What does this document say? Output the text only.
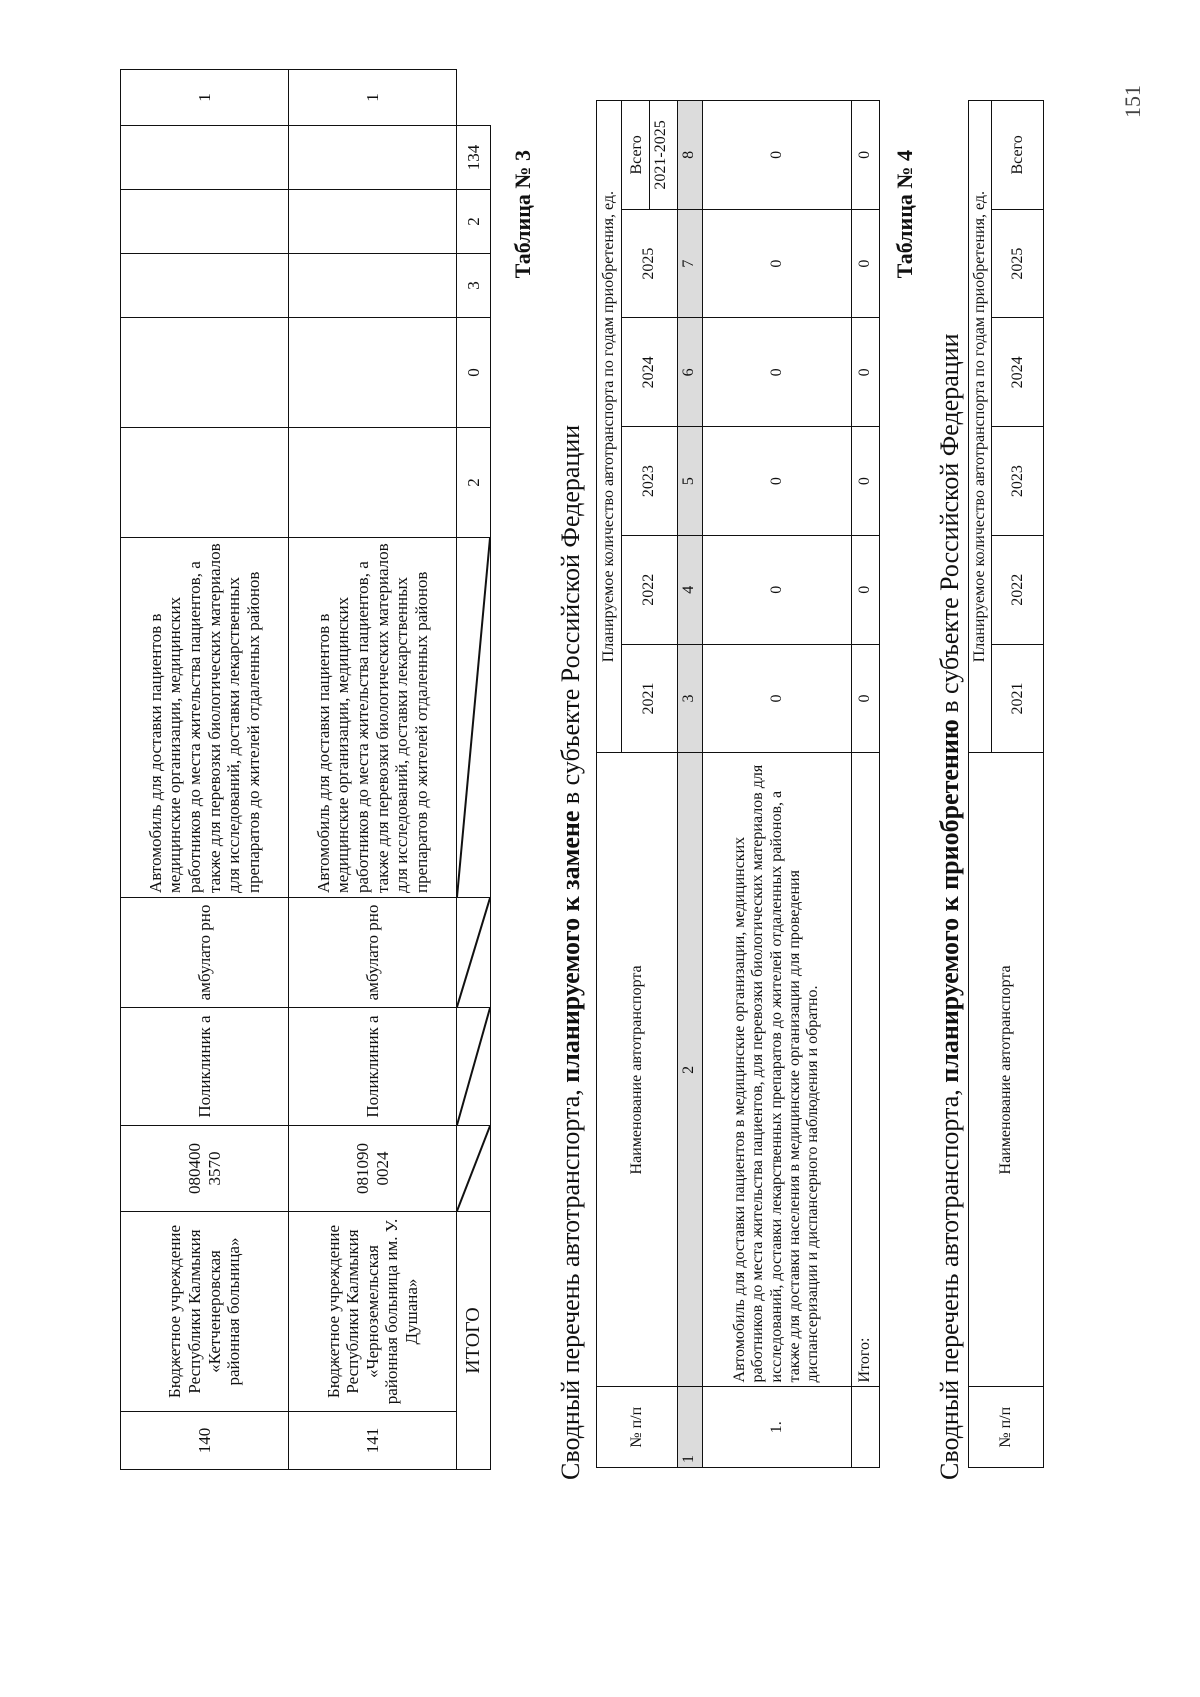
151
140	Бюджетное учреждение Республики Калмыкия «Кетченеровская районная больница»	080400 3570	Поликлиник а	амбулато рно	Автомобиль для доставки пациентов в медицинские организации, медицинских работников до места жительства пациентов, а также для перевозки биологических материалов для исследований, доставки лекарственных препаратов до жителей отдаленных районов						1
141	Бюджетное учреждение Республики Калмыкия «Черноземельская районная больница им. У. Душана»	081090 0024	Поликлиник а	амбулато рно	Автомобиль для доставки пациентов в медицинские организации, медицинских работников до места жительства пациентов, а также для перевозки биологических материалов для исследований, доставки лекарственных препаратов до жителей отдаленных районов						1
ИТОГО						2	0	3	2	134	Таблица № 3
Сводный перечень автотранспорта, планируемого к замене в субъекте Российской Федерации
№ п/п	Наименование автотранспорта	Планируемое количество автотранспорта по годам приобретения, ед.					
		2021	2022	2023	2024	2025	Всего 2021-2025

1	2	3	4	5	6	7	8
1.	Автомобиль для доставки пациентов в медицинские организации, медицинских работников до места жительства пациентов, для перевозки биологических материалов для исследований, доставки лекарственных препаратов до жителей отдаленных районов, а также для доставки населения в медицинские организации для проведения диспансеризации и диспансерного наблюдения и обратно.	0	0	0	0	0	0
	Итого:	0	0	0	0	0	0 Таблица № 4
Сводный перечень автотранспорта, планируемого к приобретению в субъекте Российской Федерации
№ п/п	Наименование автотранспорта	Планируемое количество автотранспорта по годам приобретения, ед.					
		2021	2022	2023	2024	2025	Всего
